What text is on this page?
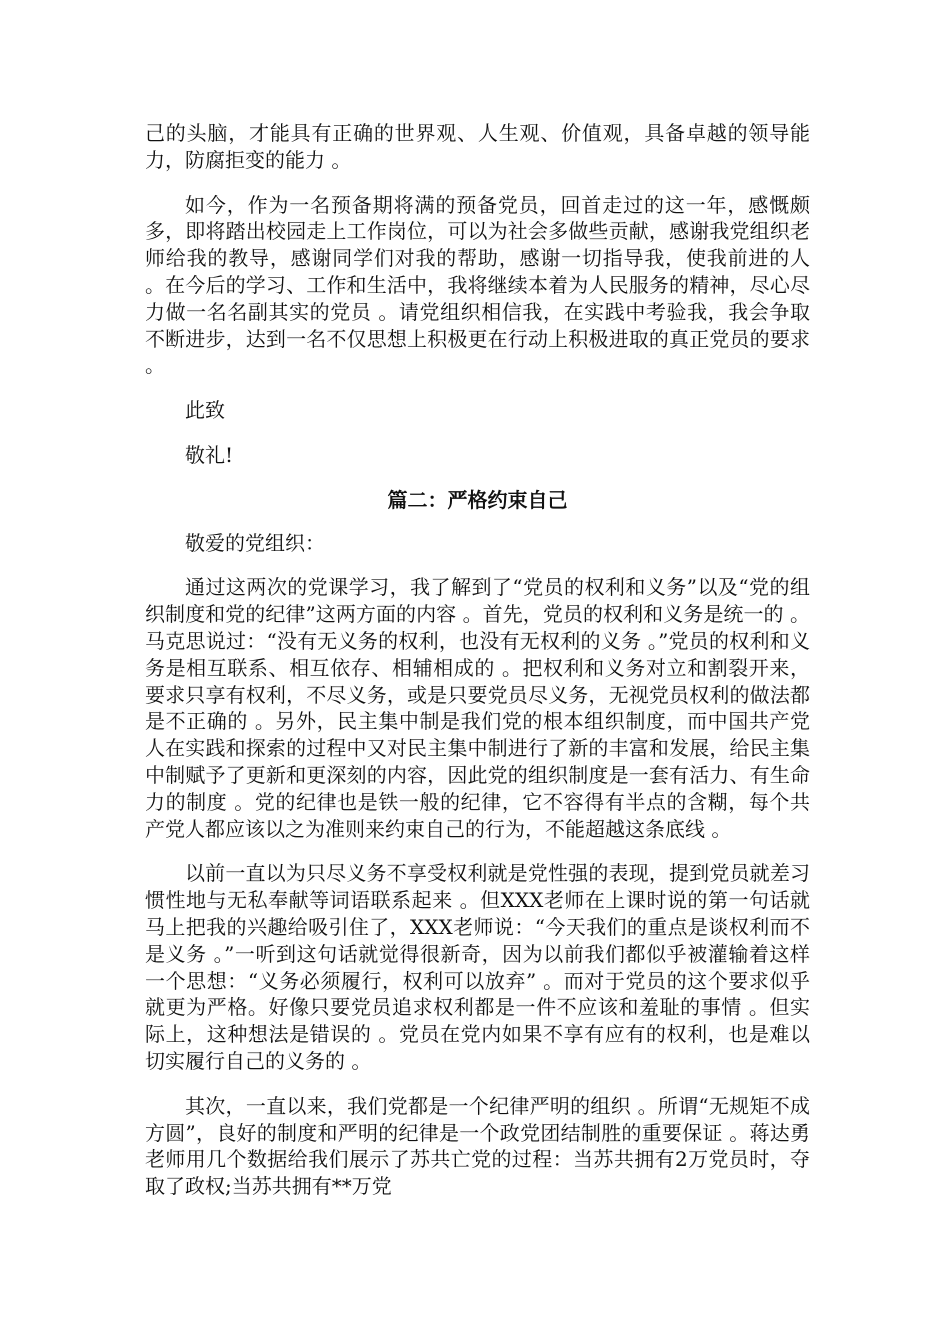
己的头脑，才能具有正确的世界观、人生观、价值观，具备卓越的领导能力，防腐拒变的能力 。

如今，作为一名预备期将满的预备党员，回首走过的这一年，感慨颇多，即将踏出校园走上工作岗位，可以为社会多做些贡献，感谢我党组织老师给我的教导，感谢同学们对我的帮助，感谢一切指导我，使我前进的人 。在今后的学习、工作和生活中，我将继续本着为人民服务的精神，尽心尽力做一名名副其实的党员 。请党组织相信我，在实践中考验我，我会争取不断进步，达到一名不仅思想上积极更在行动上积极进取的真正党员的要求 。

此致

敬礼!

篇二：严格约束自己

敬爱的党组织：

通过这两次的党课学习，我了解到了“党员的权利和义务”以及“党的组织制度和党的纪律”这两方面的内容 。首先，党员的权利和义务是统一的 。马克思说过：“没有无义务的权利，也没有无权利的义务 。”党员的权利和义务是相互联系、相互依存、相辅相成的 。把权利和义务对立和割裂开来，要求只享有权利，不尽义务，或是只要党员尽义务，无视党员权利的做法都是不正确的 。另外，民主集中制是我们党的根本组织制度，而中国共产党人在实践和探索的过程中又对民主集中制进行了新的丰富和发展，给民主集中制赋予了更新和更深刻的内容，因此党的组织制度是一套有活力、有生命力的制度 。党的纪律也是铁一般的纪律，它不容得有半点的含糊，每个共产党人都应该以之为准则来约束自己的行为，不能超越这条底线 。

以前一直以为只尽义务不享受权利就是党性强的表现，提到党员就差习惯性地与无私奉献等词语联系起来 。但XXX老师在上课时说的第一句话就马上把我的兴趣给吸引住了，XXX老师说：“今天我们的重点是谈权利而不是义务 。”一听到这句话就觉得很新奇，因为以前我们都似乎被灌输着这样一个思想：“义务必须履行，权利可以放弃” 。而对于党员的这个要求似乎就更为严格。好像只要党员追求权利都是一件不应该和羞耻的事情 。但实际上，这种想法是错误的 。党员在党内如果不享有应有的权利，也是难以切实履行自己的义务的 。

其次，一直以来，我们党都是一个纪律严明的组织 。所谓“无规矩不成方圆”，良好的制度和严明的纪律是一个政党团结制胜的重要保证 。蒋达勇老师用几个数据给我们展示了苏共亡党的过程：当苏共拥有2万党员时，夺取了政权;当苏共拥有**万党
